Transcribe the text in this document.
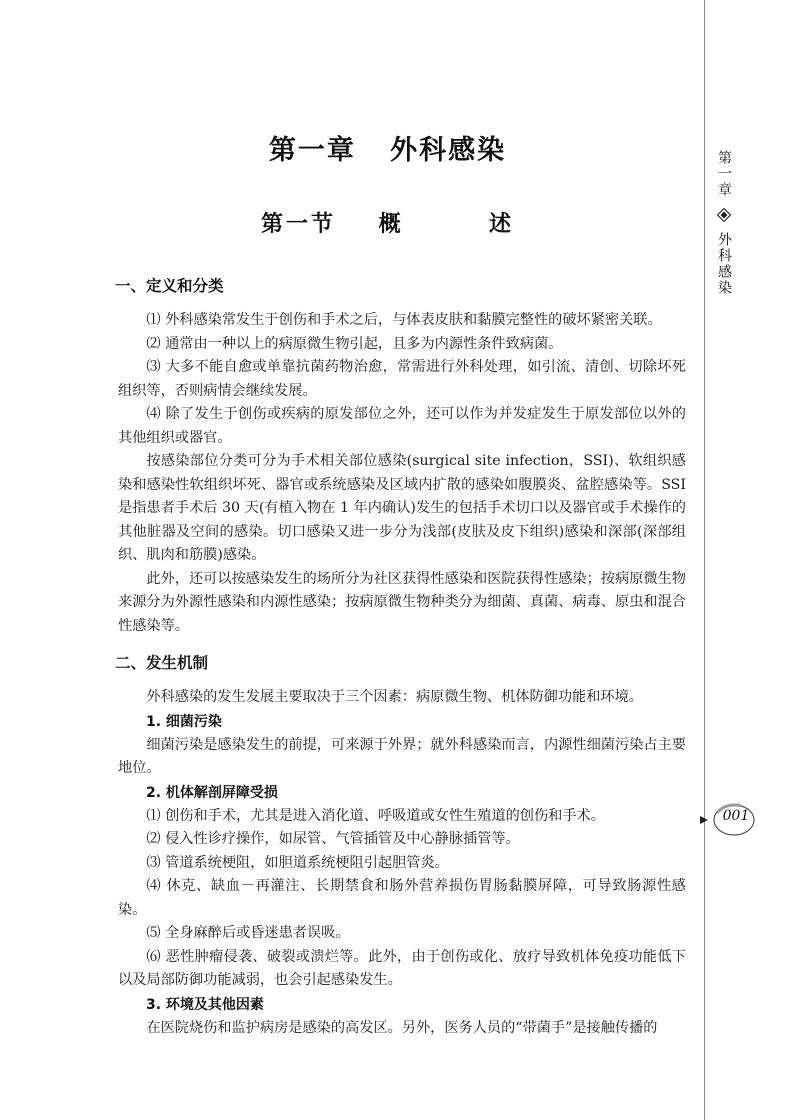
第一章   外科感染
第一节    概        述
一、定义和分类

⑴ 外科感染常发生于创伤和手术之后，与体表皮肤和黏膜完整性的破坏紧密关联。

⑵ 通常由一种以上的病原微生物引起，且多为内源性条件致病菌。

⑶ 大多不能自愈或单靠抗菌药物治愈，常需进行外科处理，如引流、清创、切除坏死组织等，否则病情会继续发展。

⑷ 除了发生于创伤或疾病的原发部位之外，还可以作为并发症发生于原发部位以外的其他组织或器官。

按感染部位分类可分为手术相关部位感染(surgical site infection，SSI)、软组织感染和感染性软组织坏死、器官或系统感染及区域内扩散的感染如腹膜炎、盆腔感染等。SSI 是指患者手术后 30 天(有植入物在 1 年内确认)发生的包括手术切口以及器官或手术操作的其他脏器及空间的感染。切口感染又进一步分为浅部(皮肤及皮下组织)感染和深部(深部组织、肌肉和筋膜)感染。

此外，还可以按感染发生的场所分为社区获得性感染和医院获得性感染；按病原微生物来源分为外源性感染和内源性感染；按病原微生物种类分为细菌、真菌、病毒、原虫和混合性感染等。

二、发生机制

外科感染的发生发展主要取决于三个因素：病原微生物、机体防御功能和环境。

1. 细菌污染

细菌污染是感染发生的前提，可来源于外界；就外科感染而言，内源性细菌污染占主要地位。

2. 机体解剖屏障受损

⑴ 创伤和手术，尤其是进入消化道、呼吸道或女性生殖道的创伤和手术。

⑵ 侵入性诊疗操作，如尿管、气管插管及中心静脉插管等。

⑶ 管道系统梗阻，如胆道系统梗阻引起胆管炎。

⑷ 休克、缺血－再灌注、长期禁食和肠外营养损伤胃肠黏膜屏障，可导致肠源性感染。

⑸ 全身麻醉后或昏迷患者误吸。

⑹ 恶性肿瘤侵袭、破裂或溃烂等。此外，由于创伤或化、放疗导致机体免疫功能低下以及局部防御功能减弱，也会引起感染发生。

3. 环境及其他因素

在医院烧伤和监护病房是感染的高发区。另外，医务人员的“带菌手”是接触传播的

第一章
外科感染
001
